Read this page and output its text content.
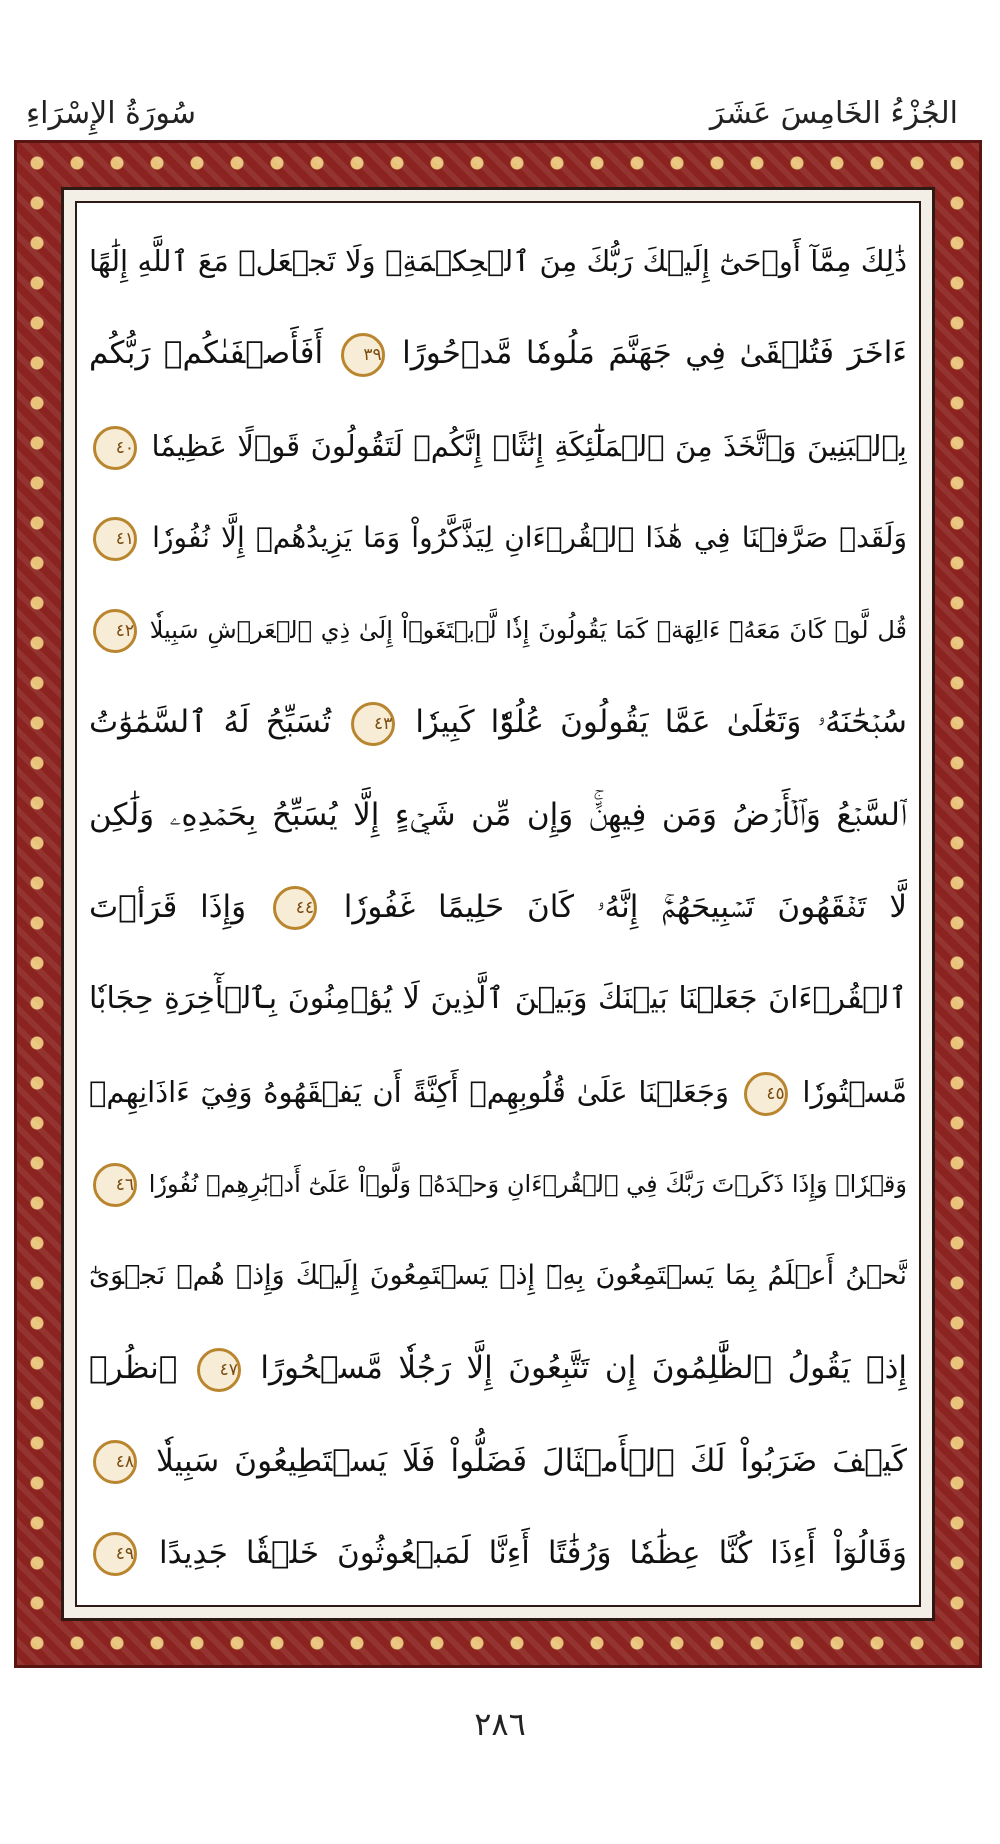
الجُزْءُ الخَامِسَ عَشَرَ
سُورَةُ الإِسْرَاءِ
ذَٰلِكَ مِمَّآ أَوۡحَىٰٓ إِلَيۡكَ رَبُّكَ مِنَ ٱلۡحِكۡمَةِۗ وَلَا تَجۡعَلۡ مَعَ ٱللَّهِ إِلَٰهًا
ءَاخَرَ فَتُلۡقَىٰ فِي جَهَنَّمَ مَلُومٗا مَّدۡحُورًا ٣٩ أَفَأَصۡفَىٰكُمۡ رَبُّكُم
بِٱلۡبَنِينَ وَٱتَّخَذَ مِنَ ٱلۡمَلَٰٓئِكَةِ إِنَٰثًاۚ إِنَّكُمۡ لَتَقُولُونَ قَوۡلًا عَظِيمٗا ٤٠
وَلَقَدۡ صَرَّفۡنَا فِي هَٰذَا ٱلۡقُرۡءَانِ لِيَذَّكَّرُواْ وَمَا يَزِيدُهُمۡ إِلَّا نُفُورٗا ٤١
قُل لَّوۡ كَانَ مَعَهُۥٓ ءَالِهَةٞ كَمَا يَقُولُونَ إِذٗا لَّٱبۡتَغَوۡاْ إِلَىٰ ذِي ٱلۡعَرۡشِ سَبِيلٗا ٤٢
سُبۡحَٰنَهُۥ وَتَعَٰلَىٰ عَمَّا يَقُولُونَ عُلُوّٗا كَبِيرٗا ٤٣ تُسَبِّحُ لَهُ ٱلسَّمَٰوَٰتُ
ٱلسَّبۡعُ وَٱلۡأَرۡضُ وَمَن فِيهِنَّۚ وَإِن مِّن شَيۡءٍ إِلَّا يُسَبِّحُ بِحَمۡدِهِۦ وَلَٰكِن
لَّا تَفۡقَهُونَ تَسۡبِيحَهُمۡۚ إِنَّهُۥ كَانَ حَلِيمًا غَفُورٗا ٤٤ وَإِذَا قَرَأۡتَ
ٱلۡقُرۡءَانَ جَعَلۡنَا بَيۡنَكَ وَبَيۡنَ ٱلَّذِينَ لَا يُؤۡمِنُونَ بِٱلۡأٓخِرَةِ حِجَابٗا
مَّسۡتُورٗا ٤٥ وَجَعَلۡنَا عَلَىٰ قُلُوبِهِمۡ أَكِنَّةً أَن يَفۡقَهُوهُ وَفِيٓ ءَاذَانِهِمۡ
وَقۡرٗاۚ وَإِذَا ذَكَرۡتَ رَبَّكَ فِي ٱلۡقُرۡءَانِ وَحۡدَهُۥ وَلَّوۡاْ عَلَىٰٓ أَدۡبَٰرِهِمۡ نُفُورٗا ٤٦
نَّحۡنُ أَعۡلَمُ بِمَا يَسۡتَمِعُونَ بِهِۦٓ إِذۡ يَسۡتَمِعُونَ إِلَيۡكَ وَإِذۡ هُمۡ نَجۡوَىٰٓ
إِذۡ يَقُولُ ٱلظَّٰلِمُونَ إِن تَتَّبِعُونَ إِلَّا رَجُلٗا مَّسۡحُورًا ٤٧ ٱنظُرۡ
كَيۡفَ ضَرَبُواْ لَكَ ٱلۡأَمۡثَالَ فَضَلُّواْ فَلَا يَسۡتَطِيعُونَ سَبِيلٗا ٤٨
وَقَالُوٓاْ أَءِذَا كُنَّا عِظَٰمٗا وَرُفَٰتًا أَءِنَّا لَمَبۡعُوثُونَ خَلۡقٗا جَدِيدًا ٤٩
٢٨٦
